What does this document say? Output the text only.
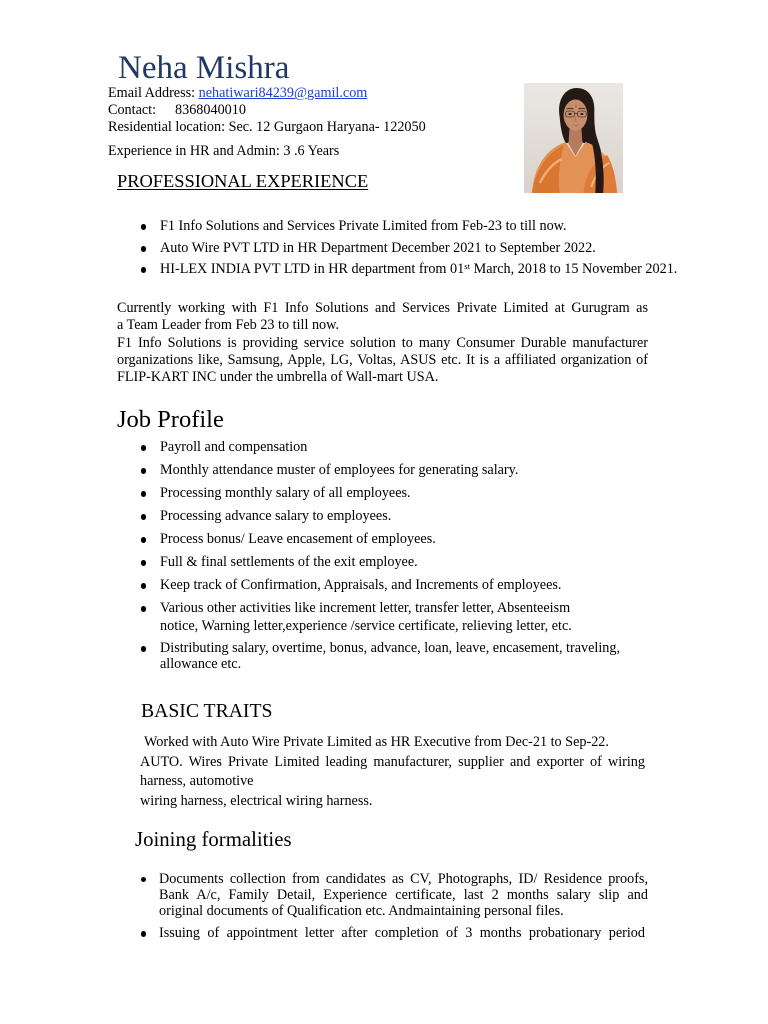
Neha Mishra
Email Address: nehatiwari84239@gamil.com
Contact: 8368040010
Residential location: Sec. 12 Gurgaon Haryana- 122050
Experience in HR and Admin: 3 .6 Years
PROFESSIONAL EXPERIENCE
F1 Info Solutions and Services Private Limited from Feb-23 to till now.
Auto Wire PVT LTD in HR Department December 2021 to September 2022.
HI-LEX INDIA PVT LTD in HR department from 01st March, 2018 to 15 November 2021.
Currently working with F1 Info Solutions and Services Private Limited at Gurugram as
a Team Leader from Feb 23 to till now.
F1 Info Solutions is providing service solution to many Consumer Durable manufacturer
organizations like, Samsung, Apple, LG, Voltas, ASUS etc. It is a affiliated organization of
FLIP-KART INC under the umbrella of Wall-mart USA.
Job Profile
Payroll and compensation
Monthly attendance muster of employees for generating salary.
Processing monthly salary of all employees.
Processing advance salary to employees.
Process bonus/ Leave encasement of employees.
Full & final settlements of the exit employee.
Keep track of Confirmation, Appraisals, and Increments of employees.
Various other activities like increment letter, transfer letter, Absenteeism
notice, Warning letter,experience /service certificate, relieving letter, etc.
Distributing salary, overtime, bonus, advance, loan, leave, encasement, traveling,
allowance etc.
BASIC TRAITS
Worked with Auto Wire Private Limited as HR Executive from Dec-21 to Sep-22.
AUTO. Wires Private Limited leading manufacturer, supplier and exporter of wiring
harness, automotive
wiring harness, electrical wiring harness.
Joining formalities
Documents collection from candidates as CV, Photographs, ID/ Residence proofs,
Bank A/c, Family Detail, Experience certificate, last 2 months salary slip and
original documents of Qualification etc. Andmaintaining personal files.
Issuing of appointment letter after completion of 3 months probationary period
